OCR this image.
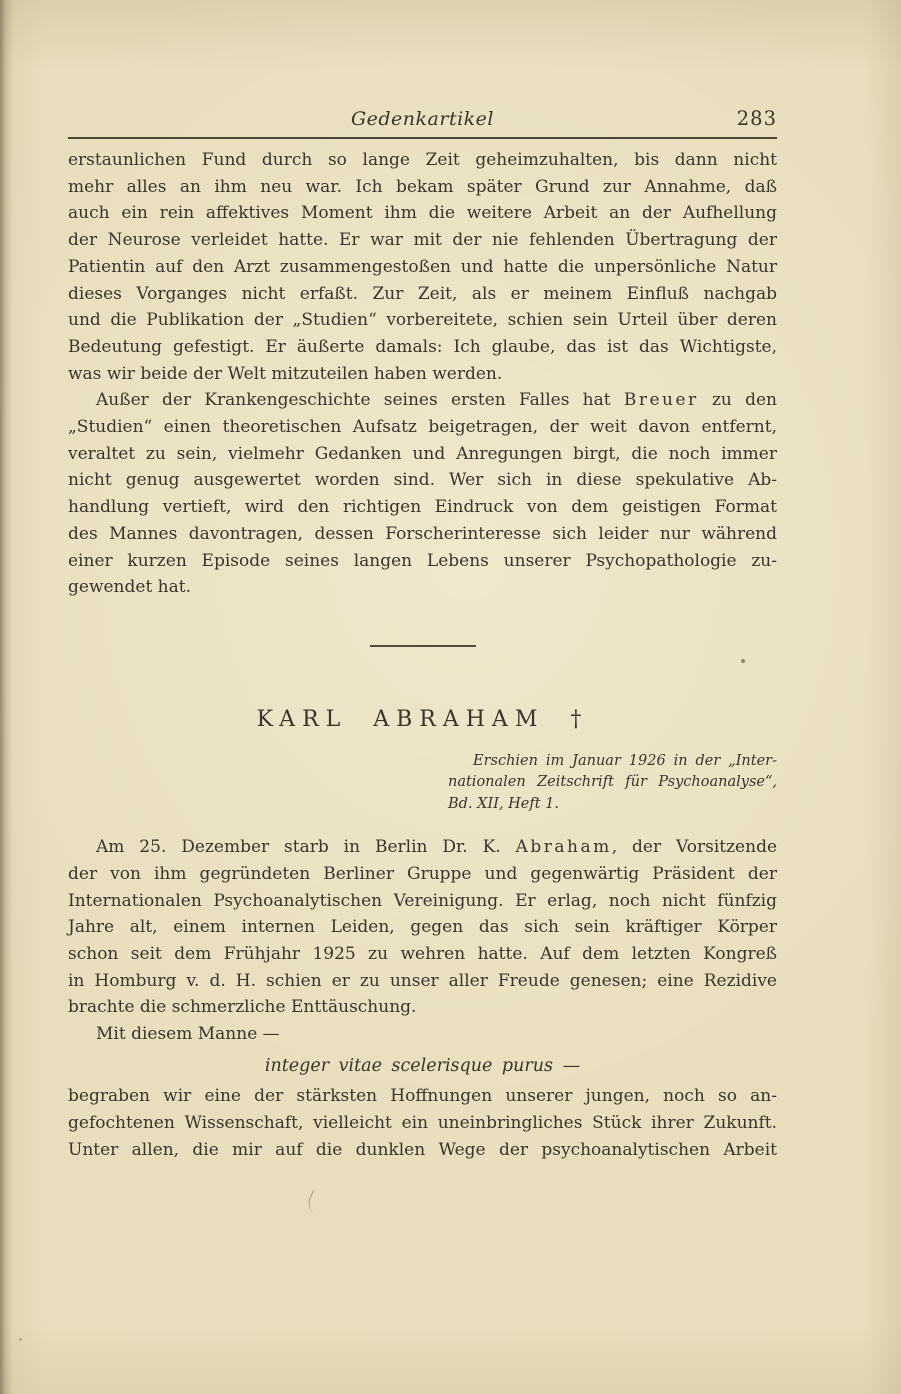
Gedenkartikel	283
erstaunlichen Fund durch so lange Zeit geheimzuhalten, bis dann nicht
mehr alles an ihm neu war. Ich bekam später Grund zur Annahme, daß
auch ein rein affektives Moment ihm die weitere Arbeit an der Aufhellung
der Neurose verleidet hatte. Er war mit der nie fehlenden Übertragung der
Patientin auf den Arzt zusammengestoßen und hatte die unpersönliche Natur
dieses Vorganges nicht erfaßt. Zur Zeit, als er meinem Einfluß nachgab
und die Publikation der „Studien“ vorbereitete, schien sein Urteil über deren
Bedeutung gefestigt. Er äußerte damals: Ich glaube, das ist das Wichtigste,
was wir beide der Welt mitzuteilen haben werden.
Außer der Krankengeschichte seines ersten Falles hat Breuer zu den
„Studien“ einen theoretischen Aufsatz beigetragen, der weit davon entfernt,
veraltet zu sein, vielmehr Gedanken und Anregungen birgt, die noch immer
nicht genug ausgewertet worden sind. Wer sich in diese spekulative Ab-
handlung vertieft, wird den richtigen Eindruck von dem geistigen Format
des Mannes davontragen, dessen Forscherinteresse sich leider nur während
einer kurzen Episode seines langen Lebens unserer Psychopathologie zu-
gewendet hat.
KARL ABRAHAM †
Erschien im Januar 1926 in der „Inter-
nationalen Zeitschrift für Psychoanalyse“,
Bd. XII, Heft 1.
Am 25. Dezember starb in Berlin Dr. K. Abraham, der Vorsitzende
der von ihm gegründeten Berliner Gruppe und gegenwärtig Präsident der
Internationalen Psychoanalytischen Vereinigung. Er erlag, noch nicht fünfzig
Jahre alt, einem internen Leiden, gegen das sich sein kräftiger Körper
schon seit dem Frühjahr 1925 zu wehren hatte. Auf dem letzten Kongreß
in Homburg v. d. H. schien er zu unser aller Freude genesen; eine Rezidive
brachte die schmerzliche Enttäuschung.
Mit diesem Manne —
integer vitae scelerisque purus —
begraben wir eine der stärksten Hoffnungen unserer jungen, noch so an-
gefochtenen Wissenschaft, vielleicht ein uneinbringliches Stück ihrer Zukunft.
Unter allen, die mir auf die dunklen Wege der psychoanalytischen Arbeit
